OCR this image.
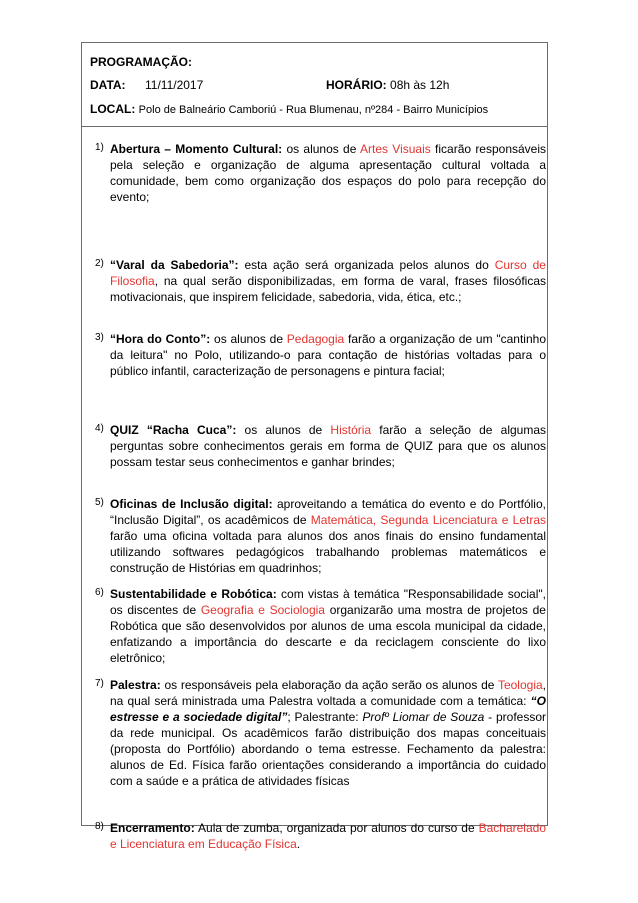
PROGRAMAÇÃO:
DATA: 11/11/2017	HORÁRIO: 08h às 12h
LOCAL: Polo de Balneário Camboriú - Rua Blumenau, nº284 - Bairro Municípios
1) Abertura – Momento Cultural: os alunos de Artes Visuais ficarão responsáveis pela seleção e organização de alguma apresentação cultural voltada a comunidade, bem como organização dos espaços do polo para recepção do evento;
2) “Varal da Sabedoria”: esta ação será organizada pelos alunos do Curso de Filosofia, na qual serão disponibilizadas, em forma de varal, frases filosóficas motivacionais, que inspirem felicidade, sabedoria, vida, ética, etc.;
3) “Hora do Conto”: os alunos de Pedagogia farão a organização de um "cantinho da leitura" no Polo, utilizando-o para contação de histórias voltadas para o público infantil, caracterização de personagens e pintura facial;
4) QUIZ “Racha Cuca”: os alunos de História farão a seleção de algumas perguntas sobre conhecimentos gerais em forma de QUIZ para que os alunos possam testar seus conhecimentos e ganhar brindes;
5) Oficinas de Inclusão digital: aproveitando a temática do evento e do Portfólio, “Inclusão Digital”, os acadêmicos de Matemática, Segunda Licenciatura e Letras farão uma oficina voltada para alunos dos anos finais do ensino fundamental utilizando softwares pedagógicos trabalhando problemas matemáticos e construção de Histórias em quadrinhos;
6) Sustentabilidade e Robótica: com vistas à temática "Responsabilidade social", os discentes de Geografia e Sociologia organizarão uma mostra de projetos de Robótica que são desenvolvidos por alunos de uma escola municipal da cidade, enfatizando a importância do descarte e da reciclagem consciente do lixo eletrônico;
7) Palestra: os responsáveis pela elaboração da ação serão os alunos de Teologia, na qual será ministrada uma Palestra voltada a comunidade com a temática: “O estresse e a sociedade digital”; Palestrante: Profº Liomar de Souza - professor da rede municipal. Os acadêmicos farão distribuição dos mapas conceituais (proposta do Portfólio) abordando o tema estresse. Fechamento da palestra: alunos de Ed. Física farão orientações considerando a importância do cuidado com a saúde e a prática de atividades físicas
8) Encerramento: Aula de zumba, organizada por alunos do curso de Bacharelado e Licenciatura em Educação Física.
